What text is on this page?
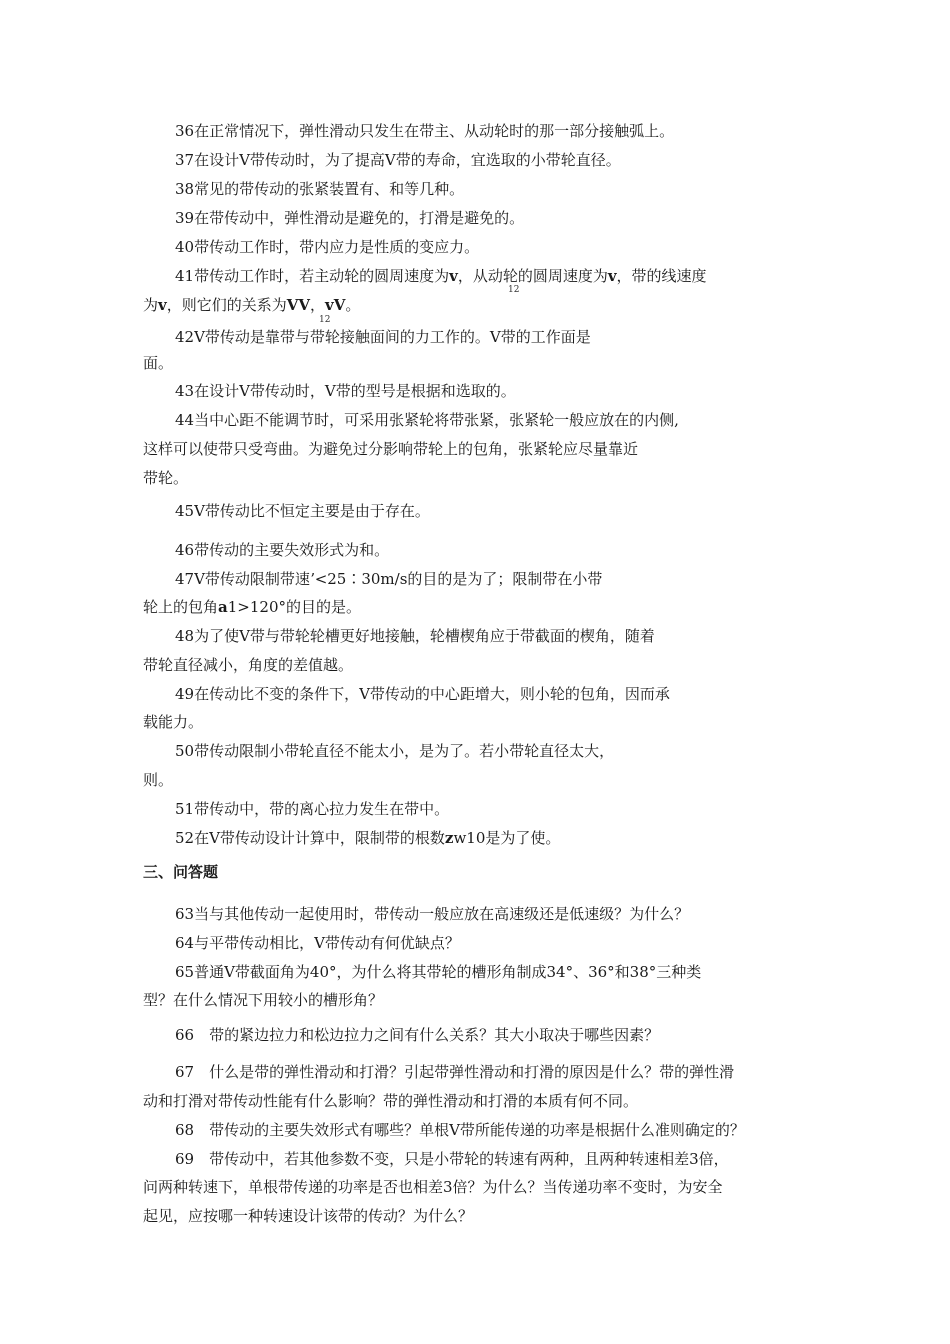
36在正常情况下，弹性滑动只发生在带主、从动轮时的那一部分接触弧上。
37在设计V带传动时，为了提高V带的寿命，宜选取的小带轮直径。
38常见的带传动的张紧装置有、和等几种。
39在带传动中，弹性滑动是避免的，打滑是避免的。
40带传动工作时，带内应力是性质的变应力。
41带传动工作时，若主动轮的圆周速度为v，从动轮的圆周速度为v，带的线速度
12
为v，则它们的关系为VV，vV。
12
42V带传动是靠带与带轮接触面间的力工作的。V带的工作面是
面。
43在设计V带传动时，V带的型号是根据和选取的。
44当中心距不能调节时，可采用张紧轮将带张紧，张紧轮一般应放在的内侧,
这样可以使带只受弯曲。为避免过分影响带轮上的包角，张紧轮应尽量靠近
带轮。
45V带传动比不恒定主要是由于存在。
46带传动的主要失效形式为和。
47V带传动限制带速ʼ<25∶30m/s的目的是为了；限制带在小带
轮上的包角a1>120°的目的是。
48为了使V带与带轮轮槽更好地接触，轮槽楔角应于带截面的楔角，随着
带轮直径减小，角度的差值越。
49在传动比不变的条件下，V带传动的中心距增大，则小轮的包角，因而承
载能力。
50带传动限制小带轮直径不能太小，是为了。若小带轮直径太大，
则。
51带传动中，带的离心拉力发生在带中。
52在V带传动设计计算中，限制带的根数zw10是为了使。
三、问答题
63当与其他传动一起使用时，带传动一般应放在高速级还是低速级？为什么？
64与平带传动相比，V带传动有何优缺点？
65普通V带截面角为40°，为什么将其带轮的槽形角制成34°、36°和38°三种类
型？在什么情况下用较小的槽形角？
66　带的紧边拉力和松边拉力之间有什么关系？其大小取决于哪些因素？
67　什么是带的弹性滑动和打滑？引起带弹性滑动和打滑的原因是什么？带的弹性滑
动和打滑对带传动性能有什么影响？带的弹性滑动和打滑的本质有何不同。
68　带传动的主要失效形式有哪些？单根V带所能传递的功率是根据什么准则确定的？
69　带传动中，若其他参数不变，只是小带轮的转速有两种，且两种转速相差3倍，
问两种转速下，单根带传递的功率是否也相差3倍？为什么？当传递功率不变时，为安全
起见，应按哪一种转速设计该带的传动？为什么？
